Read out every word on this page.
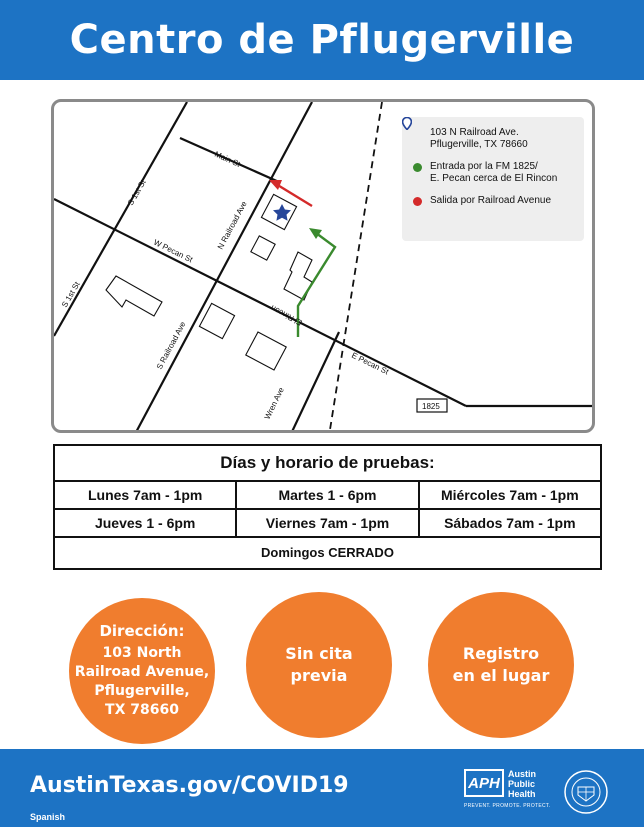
Centro de Pflugerville
Main St
S 1st St
S 1st St
N Railroad Ave
W Pecan St
S Railroad Ave
El Rincon
E Pecan St
Wren Ave	1825
103 N Railroad Ave.
Pflugerville, TX 78660
Entrada por la FM 1825/
E. Pecan cerca de El Rincon
Salida por Railroad Avenue
Días y horario de pruebas:
Lunes 7am - 1pm	Martes 1 - 6pm	Miércoles 7am - 1pm
Jueves 1 - 6pm	Viernes 7am - 1pm	Sábados 7am - 1pm
Domingos CERRADO
Dirección:
103 North
Railroad Avenue,
Pflugerville,
TX 78660
Sin cita
previa
Registro
en el lugar
AustinTexas.gov/COVID19
Spanish
APH
Austin
Public
Health
PREVENT. PROMOTE. PROTECT.
